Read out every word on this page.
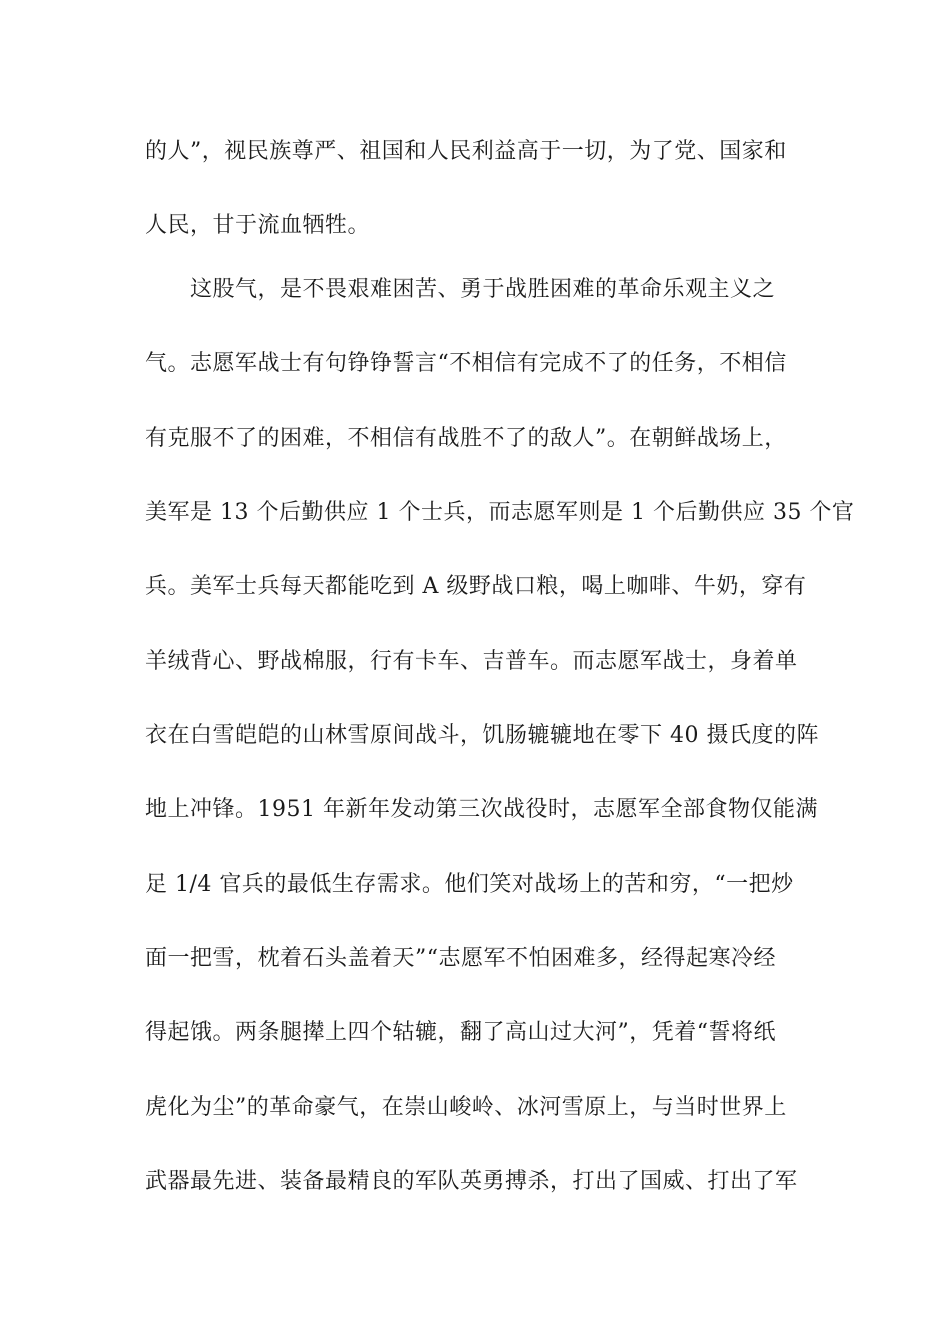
的人”，视民族尊严、祖国和人民利益高于一切，为了党、国家和
人民，甘于流血牺牲。
这股气，是不畏艰难困苦、勇于战胜困难的革命乐观主义之
气。志愿军战士有句铮铮誓言“不相信有完成不了的任务，不相信
有克服不了的困难，不相信有战胜不了的敌人”。在朝鲜战场上，
美军是 13 个后勤供应 1 个士兵，而志愿军则是 1 个后勤供应 35 个官
兵。美军士兵每天都能吃到 A 级野战口粮，喝上咖啡、牛奶，穿有
羊绒背心、野战棉服，行有卡车、吉普车。而志愿军战士，身着单
衣在白雪皑皑的山林雪原间战斗，饥肠辘辘地在零下 40 摄氏度的阵
地上冲锋。1951 年新年发动第三次战役时，志愿军全部食物仅能满
足 1/4 官兵的最低生存需求。他们笑对战场上的苦和穷，“一把炒
面一把雪，枕着石头盖着天”“志愿军不怕困难多，经得起寒冷经
得起饿。两条腿撵上四个轱辘，翻了高山过大河”，凭着“誓将纸
虎化为尘”的革命豪气，在崇山峻岭、冰河雪原上，与当时世界上
武器最先进、装备最精良的军队英勇搏杀，打出了国威、打出了军
